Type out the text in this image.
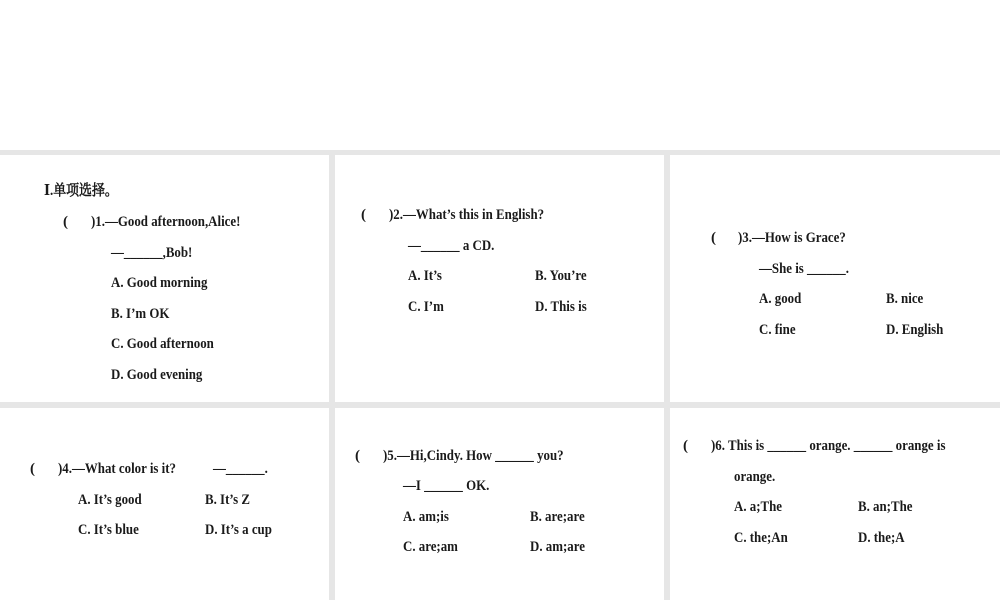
Ⅰ.单项选择。
( )1.—Good afternoon,Alice!
—______,Bob!
A. Good morning
B. I’m OK
C. Good afternoon
D. Good evening
( )2.—What’s this in English?
—______ a CD.
A. It’s	B. You’re
C. I’m	D. This is
( )3.—How is Grace?
—She is ______.
A. good	B. nice
C. fine	D. English
( )4.—What color is it? —______.
A. It’s good	B. It’s Z
C. It’s blue	D. It’s a cup
( )5.—Hi,Cindy. How ______ you?
—I ______ OK.
A. am;is	B. are;are
C. are;am	D. am;are
( )6. This is ______ orange. ______ orange is
orange.
A. a;The	B. an;The
C. the;An	D. the;A
